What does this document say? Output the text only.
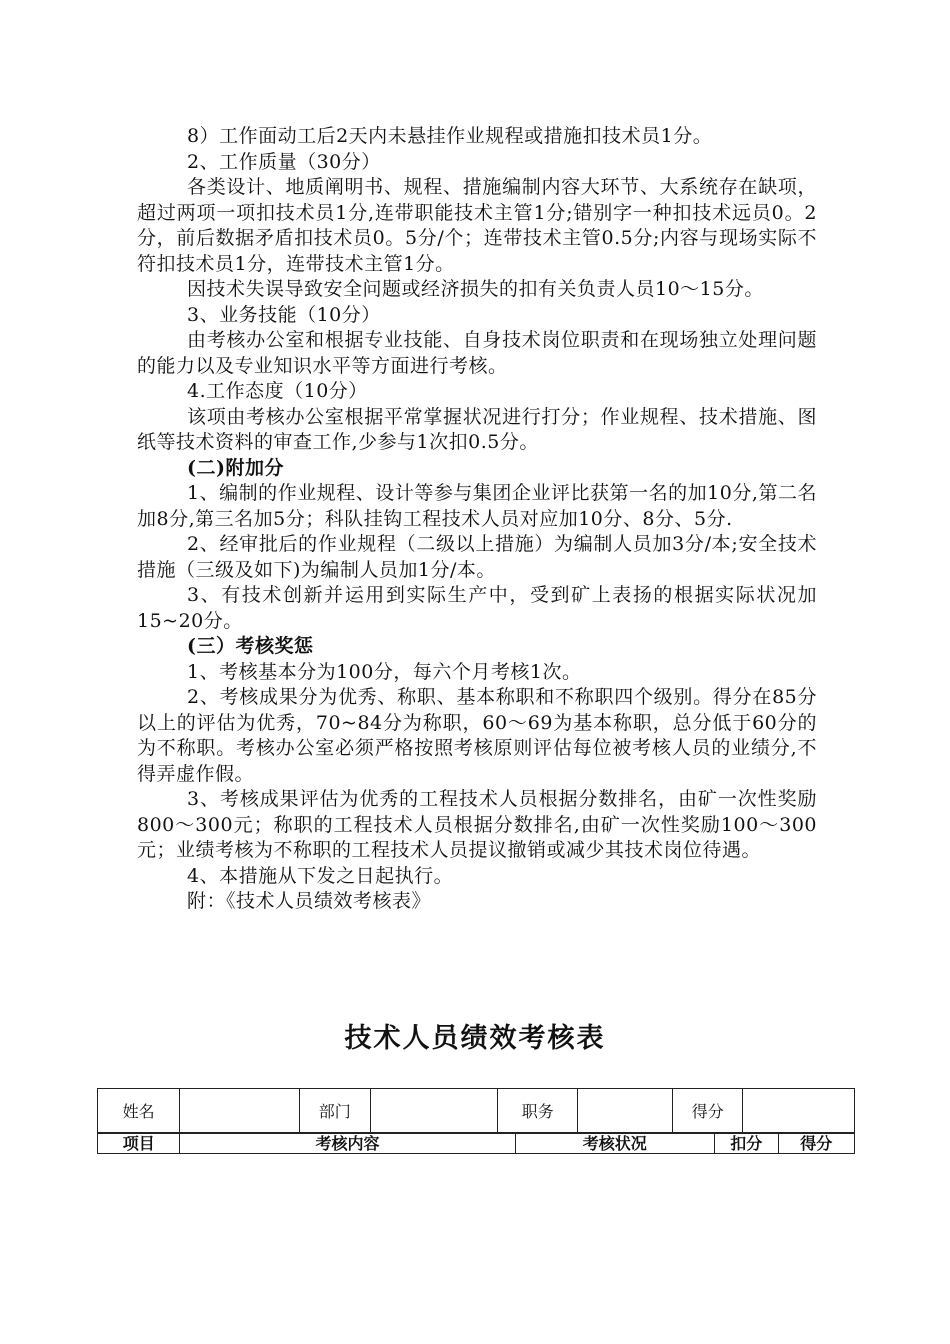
8）工作面动工后2天内未悬挂作业规程或措施扣技术员1分。

2、工作质量（30分）

各类设计、地质阐明书、规程、措施编制内容大环节、大系统存在缺项，超过两项一项扣技术员1分,连带职能技术主管1分;错别字一种扣技术远员0。2分，前后数据矛盾扣技术员0。5分/个；连带技术主管0.5分;内容与现场实际不符扣技术员1分，连带技术主管1分。

因技术失误导致安全问题或经济损失的扣有关负责人员10～15分。

3、业务技能（10分）

由考核办公室和根据专业技能、自身技术岗位职责和在现场独立处理问题的能力以及专业知识水平等方面进行考核。

4.工作态度（10分）

该项由考核办公室根据平常掌握状况进行打分；作业规程、技术措施、图纸等技术资料的审查工作,少参与1次扣0.5分。

(二)附加分

1、编制的作业规程、设计等参与集团企业评比获第一名的加10分,第二名加8分,第三名加5分；科队挂钩工程技术人员对应加10分、8分、5分.

2、经审批后的作业规程（二级以上措施）为编制人员加3分/本;安全技术措施（三级及如下)为编制人员加1分/本。

3、有技术创新并运用到实际生产中，受到矿上表扬的根据实际状况加15~20分。

(三）考核奖惩

1、考核基本分为100分，每六个月考核1次。

2、考核成果分为优秀、称职、基本称职和不称职四个级别。得分在85分以上的评估为优秀，70~84分为称职，60～69为基本称职，总分低于60分的为不称职。考核办公室必须严格按照考核原则评估每位被考核人员的业绩分,不得弄虚作假。

3、考核成果评估为优秀的工程技术人员根据分数排名，由矿一次性奖励800～300元；称职的工程技术人员根据分数排名,由矿一次性奖励100～300元；业绩考核为不称职的工程技术人员提议撤销或减少其技术岗位待遇。

4、本措施从下发之日起执行。

附：《技术人员绩效考核表》

技术人员绩效考核表
姓名		部门		职务		得分	
项目	考核内容	考核状况	扣分	得分
